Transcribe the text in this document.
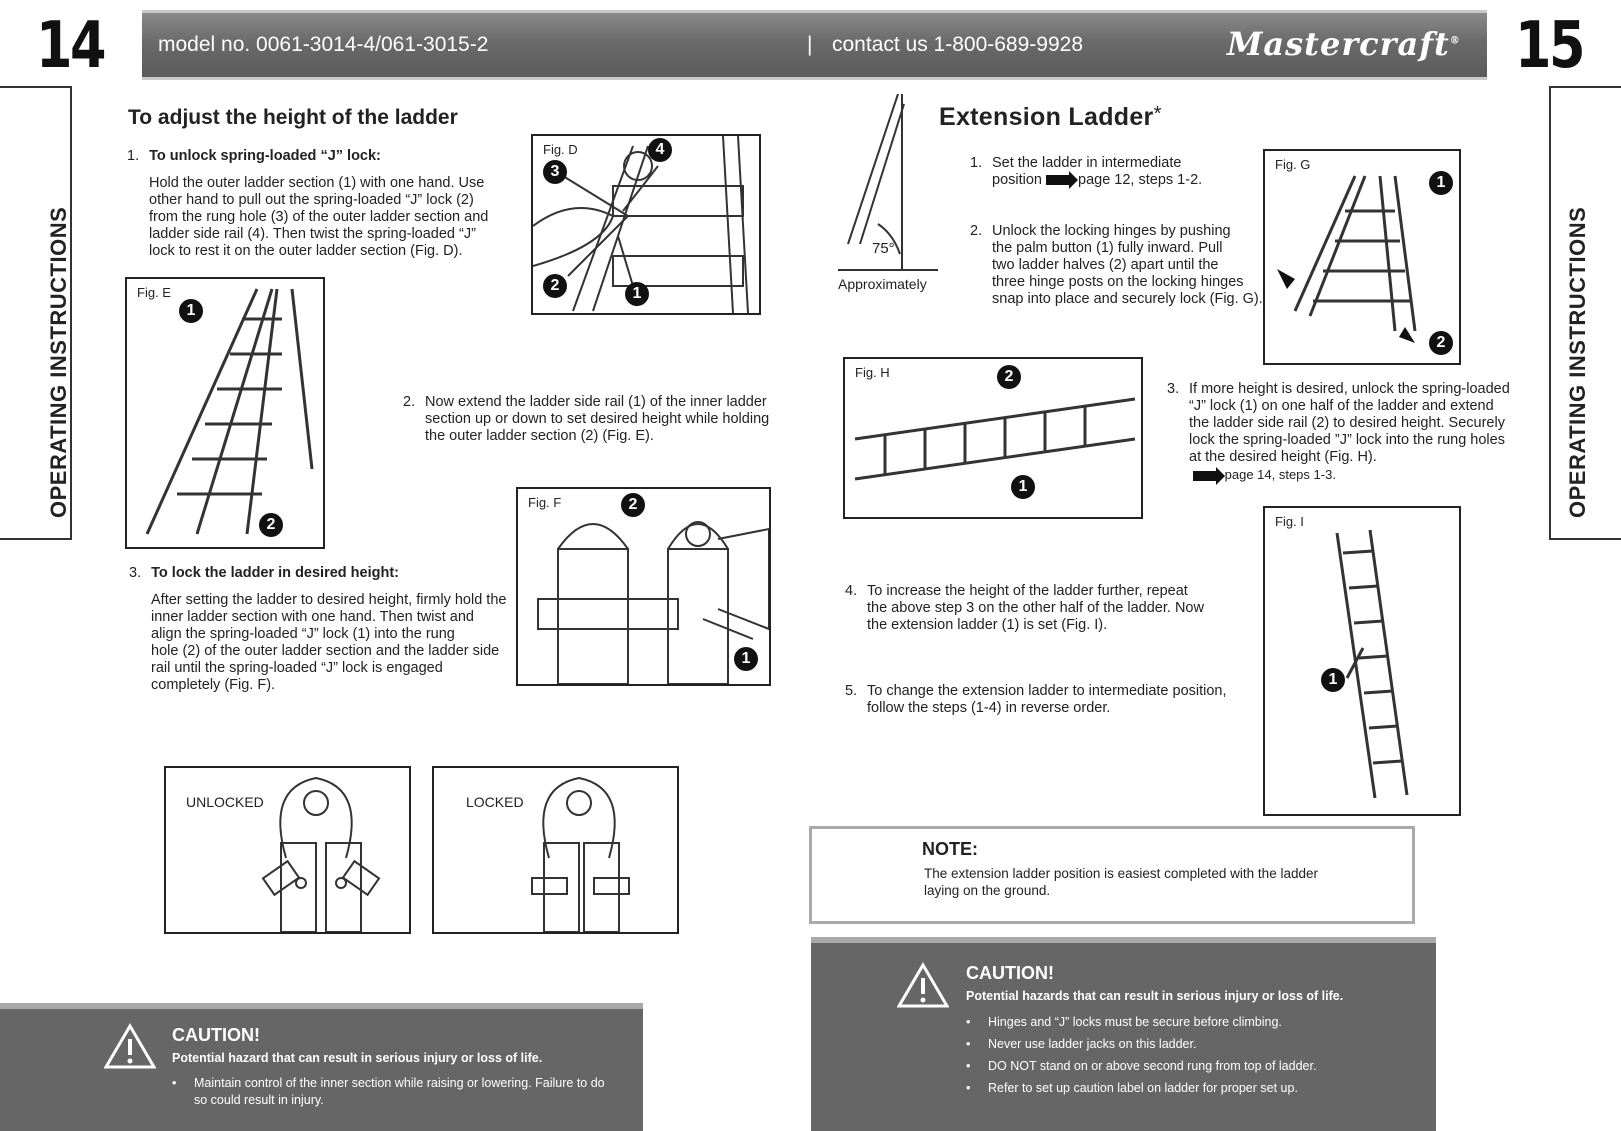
14	15
model no. 0061-3014-4/061-3015-2	| contact us 1-800-689-9928	Mastercraft®
OPERATING INSTRUCTIONS	OPERATING INSTRUCTIONS
To adjust the height of the ladder
1. To unlock spring-loaded “J” lock:
Hold the outer ladder section (1) with one hand. Use
other hand to pull out the spring-loaded “J” lock (2)
from the rung hole (3) of the outer ladder section and
ladder side rail (4). Then twist the spring-loaded “J”
lock to rest it on the outer ladder section (Fig. D).
Fig. D
3
4
2	1
Fig. E
1
2
2. Now extend the ladder side rail (1) of the inner ladder
section up or down to set desired height while holding
the outer ladder section (2) (Fig. E).
Fig. F	2
1
3. To lock the ladder in desired height:
After setting the ladder to desired height, firmly hold the
inner ladder section with one hand. Then twist and
align the spring-loaded “J” lock (1) into the rung
hole (2) of the outer ladder section and the ladder side
rail until the spring-loaded “J” lock is engaged
completely (Fig. F).
UNLOCKED	LOCKED
CAUTION!
Potential hazard that can result in serious injury or loss of life.
• Maintain control of the inner section while raising or lowering. Failure to do so could result in injury.
75°
Approximately
Extension Ladder*
1. Set the ladder in intermediate
position page 12, steps 1-2.
2. Unlock the locking hinges by pushing
the palm button (1) fully inward. Pull
two ladder halves (2) apart until the
three hinge posts on the locking hinges
snap into place and securely lock (Fig. G).
Fig. G
1
2
Fig. H	2
1
3. If more height is desired, unlock the spring-loaded
“J” lock (1) on one half of the ladder and extend
the ladder side rail (2) to desired height. Securely
lock the spring-loaded ”J” lock into the rung holes
at the desired height (Fig. H).
page 14, steps 1-3.
Fig. I
1
4. To increase the height of the ladder further, repeat
the above step 3 on the other half of the ladder. Now
the extension ladder (1) is set (Fig. I).
5. To change the extension ladder to intermediate position,
follow the steps (1-4) in reverse order.
NOTE:
The extension ladder position is easiest completed with the ladder
laying on the ground.
CAUTION!
Potential hazards that can result in serious injury or loss of life.
• Hinges and “J” locks must be secure before climbing.
• Never use ladder jacks on this ladder.
• DO NOT stand on or above second rung from top of ladder.
• Refer to set up caution label on ladder for proper set up.
